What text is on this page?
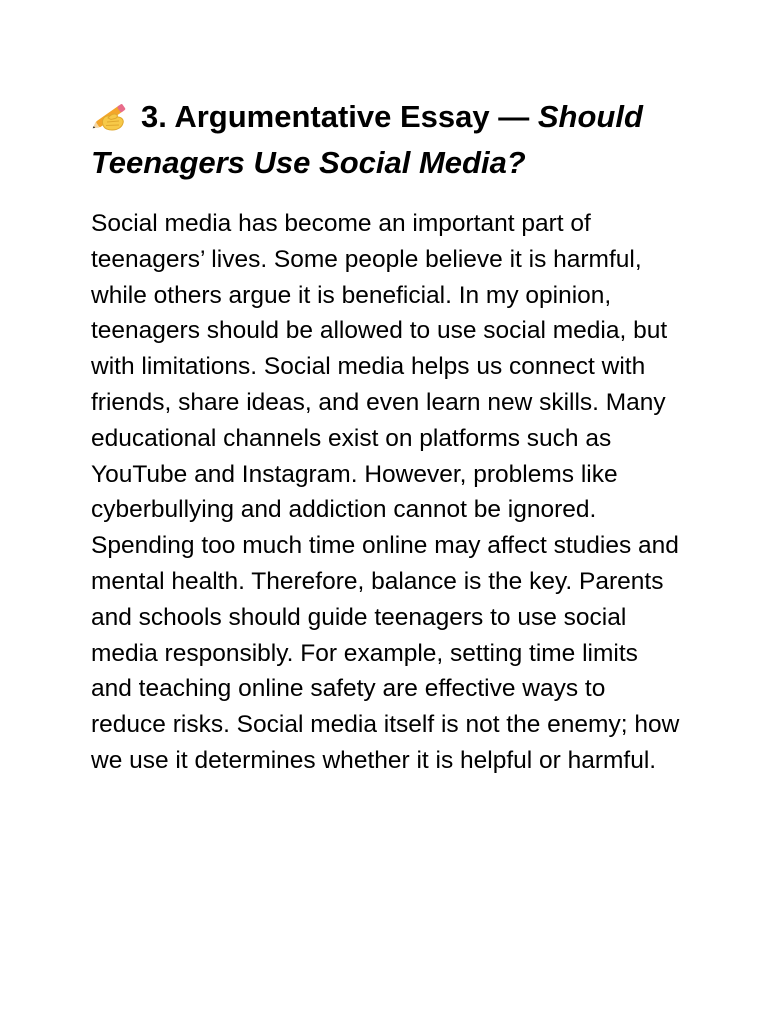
3. Argumentative Essay — Should Teenagers Use Social Media?

Social media has become an important part of teenagers’ lives. Some people believe it is harmful, while others argue it is beneficial. In my opinion, teenagers should be allowed to use social media, but with limitations. Social media helps us connect with friends, share ideas, and even learn new skills. Many educational channels exist on platforms such as YouTube and Instagram. However, problems like cyberbullying and addiction cannot be ignored. Spending too much time online may affect studies and mental health. Therefore, balance is the key. Parents and schools should guide teenagers to use social media responsibly. For example, setting time limits and teaching online safety are effective ways to reduce risks. Social media itself is not the enemy; how we use it determines whether it is helpful or harmful.
